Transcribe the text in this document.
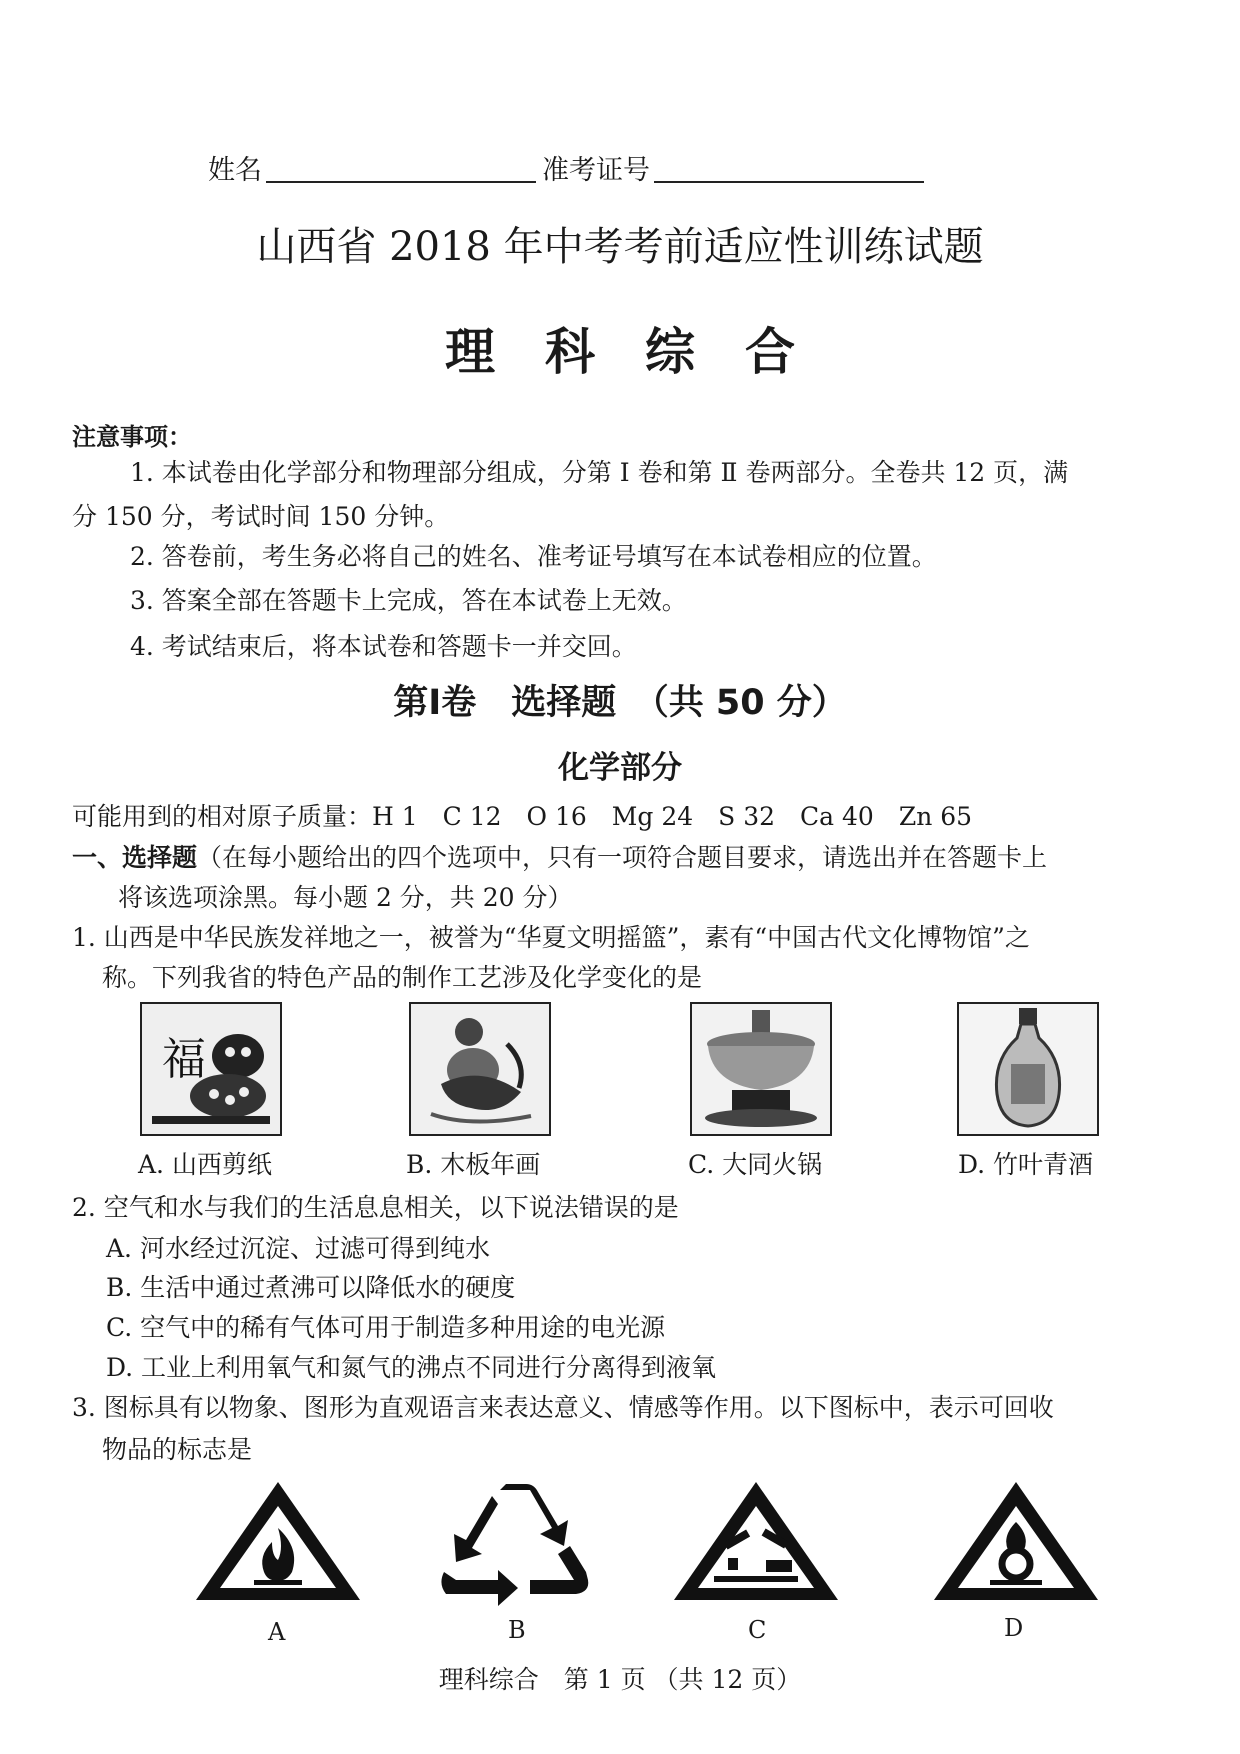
姓名	准考证号
山西省 2018 年中考考前适应性训练试题
理科综合
注意事项：
1. 本试卷由化学部分和物理部分组成，分第 Ⅰ 卷和第 Ⅱ 卷两部分。全卷共 12 页，满
分 150 分，考试时间 150 分钟。
2. 答卷前，考生务必将自己的姓名、准考证号填写在本试卷相应的位置。
3. 答案全部在答题卡上完成，答在本试卷上无效。
4. 考试结束后，将本试卷和答题卡一并交回。
第Ⅰ卷　选择题　（共 50 分）
化学部分
可能用到的相对原子质量：H 1　C 12　O 16　Mg 24　S 32　Ca 40　Zn 65
一、选择题（在每小题给出的四个选项中，只有一项符合题目要求，请选出并在答题卡上
将该选项涂黑。每小题 2 分，共 20 分）
1. 山西是中华民族发祥地之一，被誉为“华夏文明摇篮”，素有“中国古代文化博物馆”之
称。下列我省的特色产品的制作工艺涉及化学变化的是
福
A. 山西剪纸	B. 木板年画	C. 大同火锅	D. 竹叶青酒
2. 空气和水与我们的生活息息相关，以下说法错误的是
A. 河水经过沉淀、过滤可得到纯水
B. 生活中通过煮沸可以降低水的硬度
C. 空气中的稀有气体可用于制造多种用途的电光源
D. 工业上利用氧气和氮气的沸点不同进行分离得到液氧
3. 图标具有以物象、图形为直观语言来表达意义、情感等作用。以下图标中，表示可回收
物品的标志是
A	B	C	D
理科综合　第 1 页 （共 12 页）
